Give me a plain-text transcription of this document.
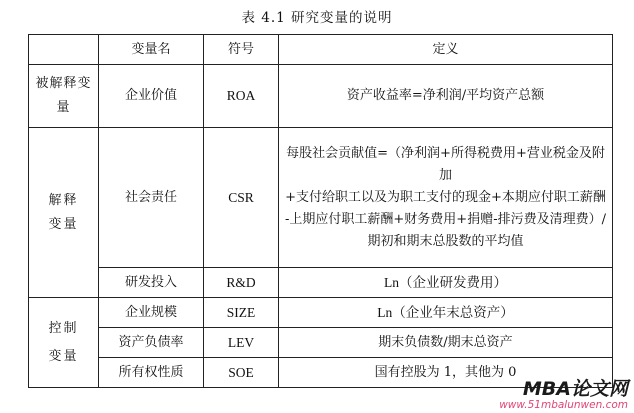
表 4.1 研究变量的说明
	变量名	符号	定义
被解释变量	企业价值	ROA	资产收益率=净利润/平均资产总额
解释变量	社会责任	CSR	每股社会贡献值=（净利润+所得税费用+营业税金及附加
+支付给职工以及为职工支付的现金+本期应付职工薪酬
-上期应付职工薪酬+财务费用+捐赠-排污费及清理费）/
期初和期末总股数的平均值

	研发投入	R&D	Ln（企业研发费用）
控制变量	企业规模	SIZE	Ln（企业年末总资产）
	资产负债率	LEV	期末负债数/期末总资产
	所有权性质	SOE	国有控股为 1，其他为 0
MBA论文网
www.51mbalunwen.com
